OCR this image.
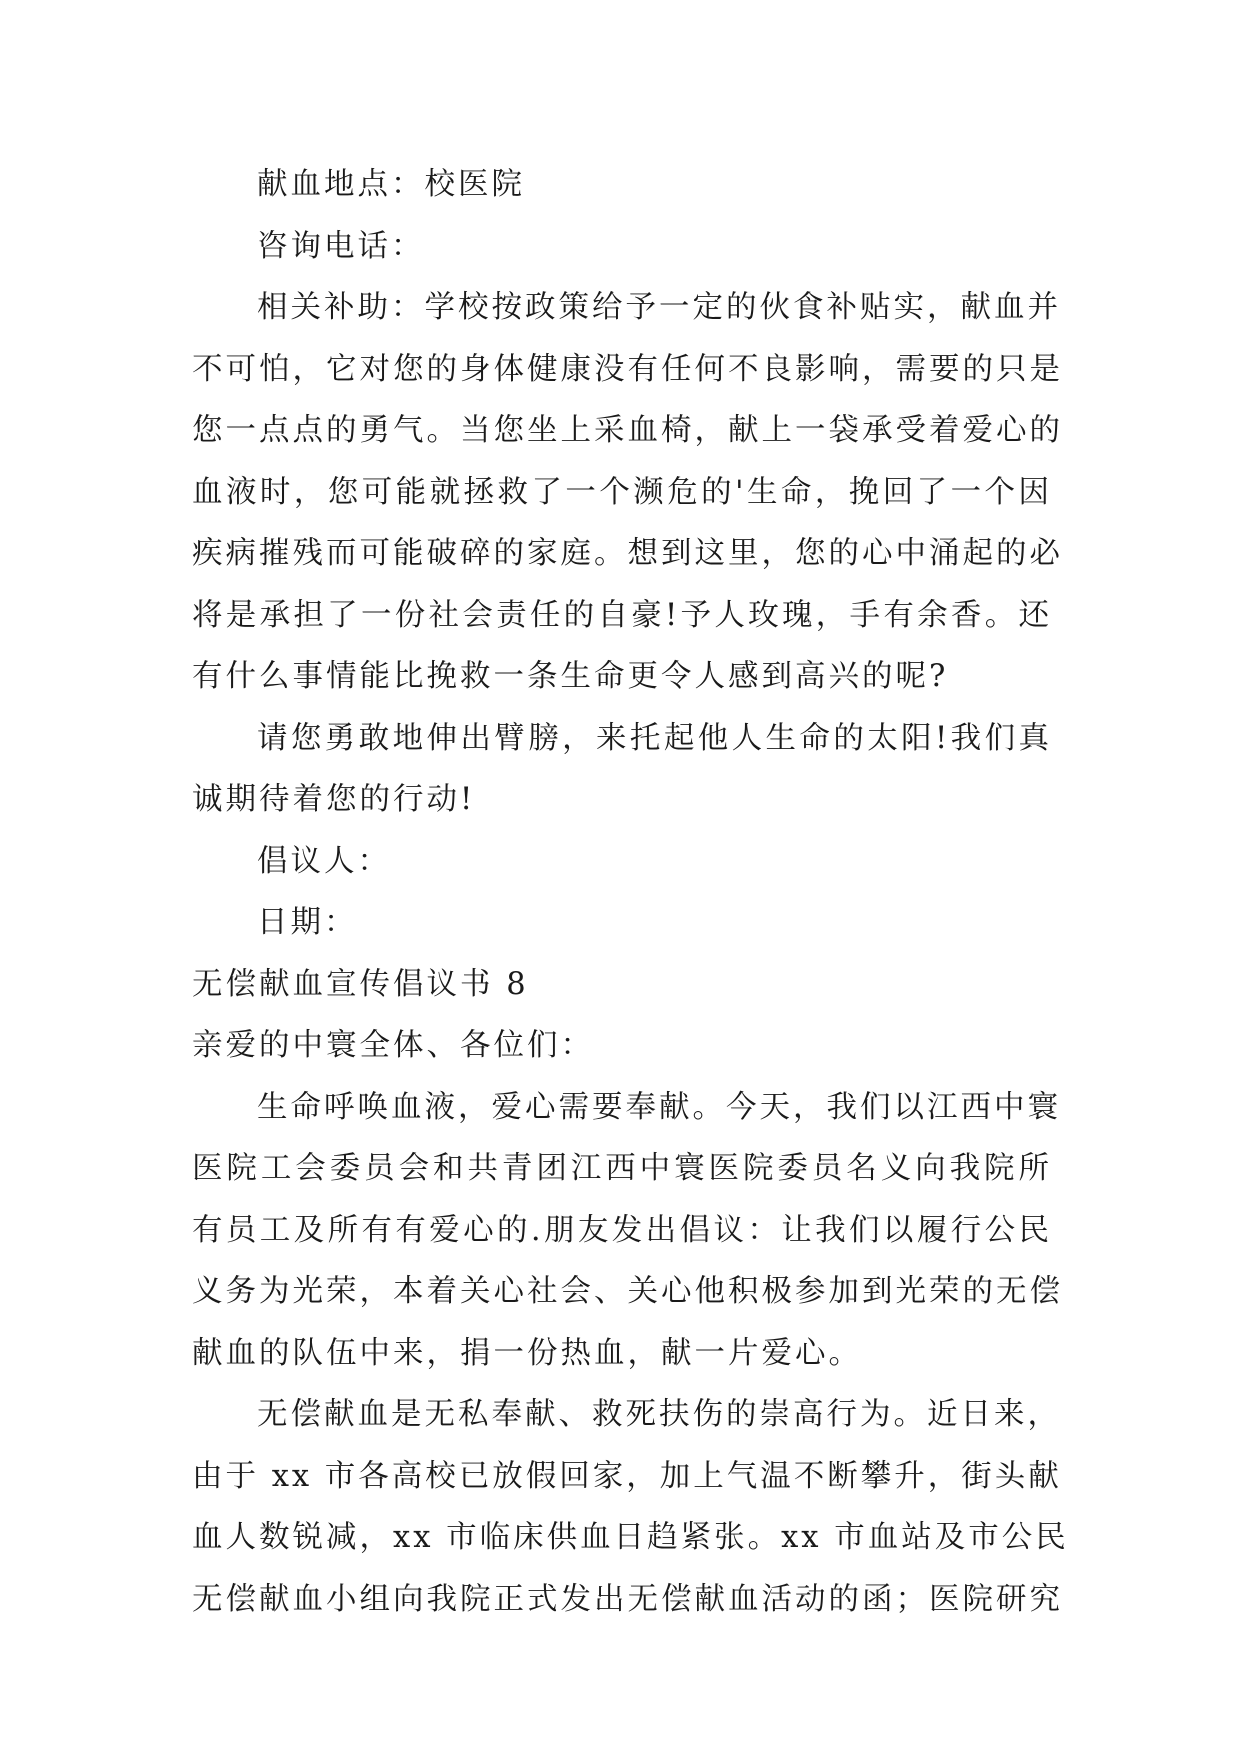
献血地点：校医院
咨询电话：
相关补助：学校按政策给予一定的伙食补贴实，献血并
不可怕，它对您的身体健康没有任何不良影响，需要的只是
您一点点的勇气。当您坐上采血椅，献上一袋承受着爱心的
血液时，您可能就拯救了一个濒危的'生命，挽回了一个因
疾病摧残而可能破碎的家庭。想到这里，您的心中涌起的必
将是承担了一份社会责任的自豪!予人玫瑰，手有余香。还
有什么事情能比挽救一条生命更令人感到高兴的呢?
请您勇敢地伸出臂膀，来托起他人生命的太阳!我们真
诚期待着您的行动!
倡议人：
日期：
无偿献血宣传倡议书 8
亲爱的中寰全体、各位们：
生命呼唤血液，爱心需要奉献。今天，我们以江西中寰
医院工会委员会和共青团江西中寰医院委员名义向我院所
有员工及所有有爱心的.朋友发出倡议：让我们以履行公民
义务为光荣，本着关心社会、关心他积极参加到光荣的无偿
献血的队伍中来，捐一份热血，献一片爱心。
无偿献血是无私奉献、救死扶伤的崇高行为。近日来，
由于 xx 市各高校已放假回家，加上气温不断攀升，街头献
血人数锐减，xx 市临床供血日趋紧张。xx 市血站及市公民
无偿献血小组向我院正式发出无偿献血活动的函；医院研究
